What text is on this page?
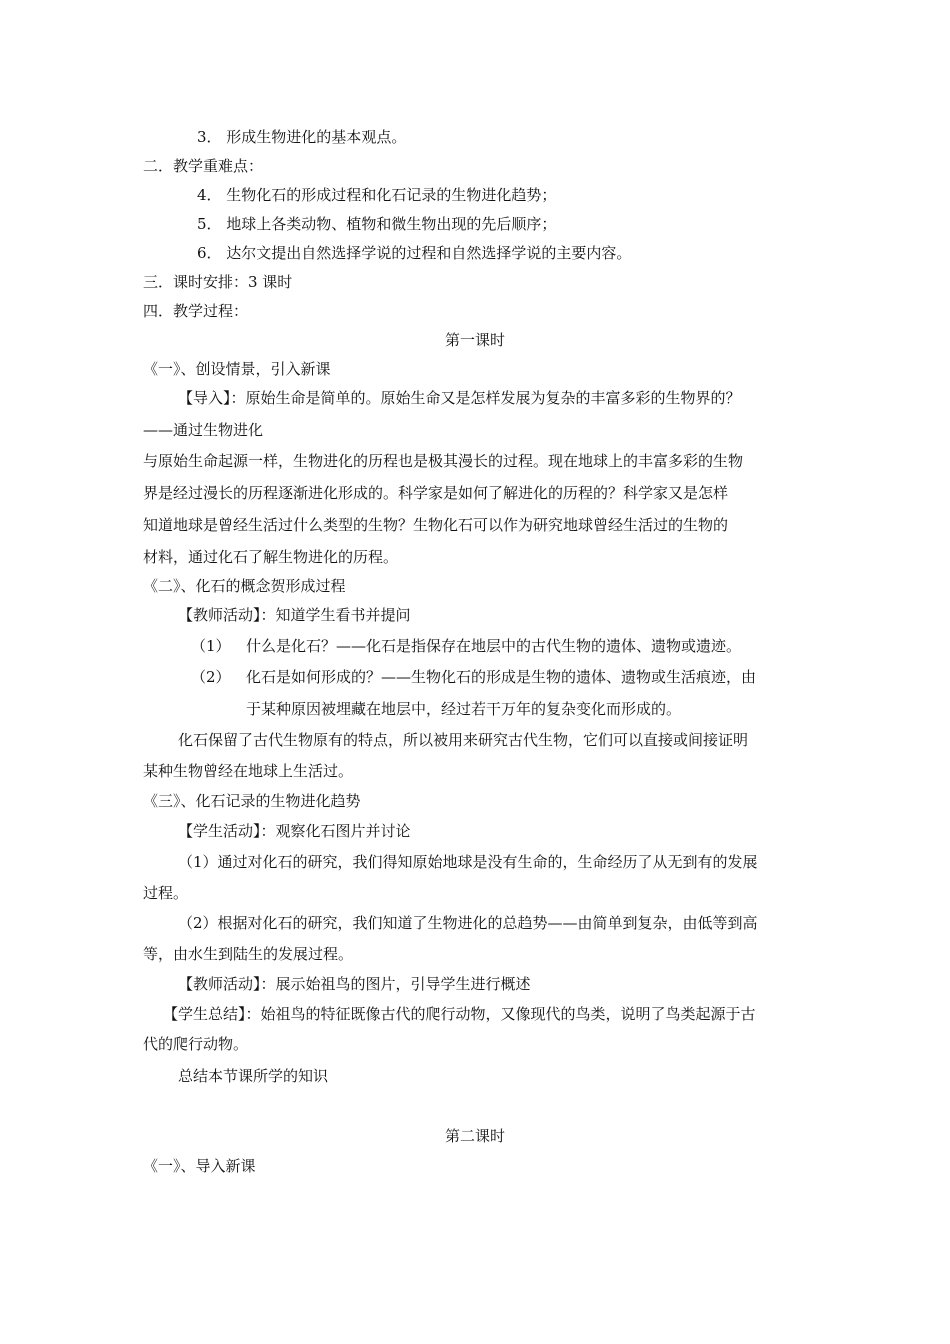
3． 形成生物进化的基本观点。
二．教学重难点：
4． 生物化石的形成过程和化石记录的生物进化趋势；
5． 地球上各类动物、植物和微生物出现的先后顺序；
6． 达尔文提出自然选择学说的过程和自然选择学说的主要内容。
三．课时安排：3 课时
四．教学过程：
第一课时
《一》、创设情景，引入新课
【导入】：原始生命是简单的。原始生命又是怎样发展为复杂的丰富多彩的生物界的？
——通过生物进化
与原始生命起源一样，生物进化的历程也是极其漫长的过程。现在地球上的丰富多彩的生物
界是经过漫长的历程逐渐进化形成的。科学家是如何了解进化的历程的？科学家又是怎样
知道地球是曾经生活过什么类型的生物？生物化石可以作为研究地球曾经生活过的生物的
材料，通过化石了解生物进化的历程。
《二》、化石的概念贺形成过程
【教师活动】：知道学生看书并提问
（1） 什么是化石？——化石是指保存在地层中的古代生物的遗体、遗物或遗迹。
（2） 化石是如何形成的？——生物化石的形成是生物的遗体、遗物或生活痕迹，由
于某种原因被埋藏在地层中，经过若干万年的复杂变化而形成的。
化石保留了古代生物原有的特点，所以被用来研究古代生物，它们可以直接或间接证明
某种生物曾经在地球上生活过。
《三》、化石记录的生物进化趋势
【学生活动】：观察化石图片并讨论
（1）通过对化石的研究，我们得知原始地球是没有生命的，生命经历了从无到有的发展
过程。
（2）根据对化石的研究，我们知道了生物进化的总趋势——由简单到复杂，由低等到高
等，由水生到陆生的发展过程。
【教师活动】：展示始祖鸟的图片，引导学生进行概述
【学生总结】：始祖鸟的特征既像古代的爬行动物，又像现代的鸟类，说明了鸟类起源于古
代的爬行动物。
总结本节课所学的知识
第二课时
《一》、导入新课
